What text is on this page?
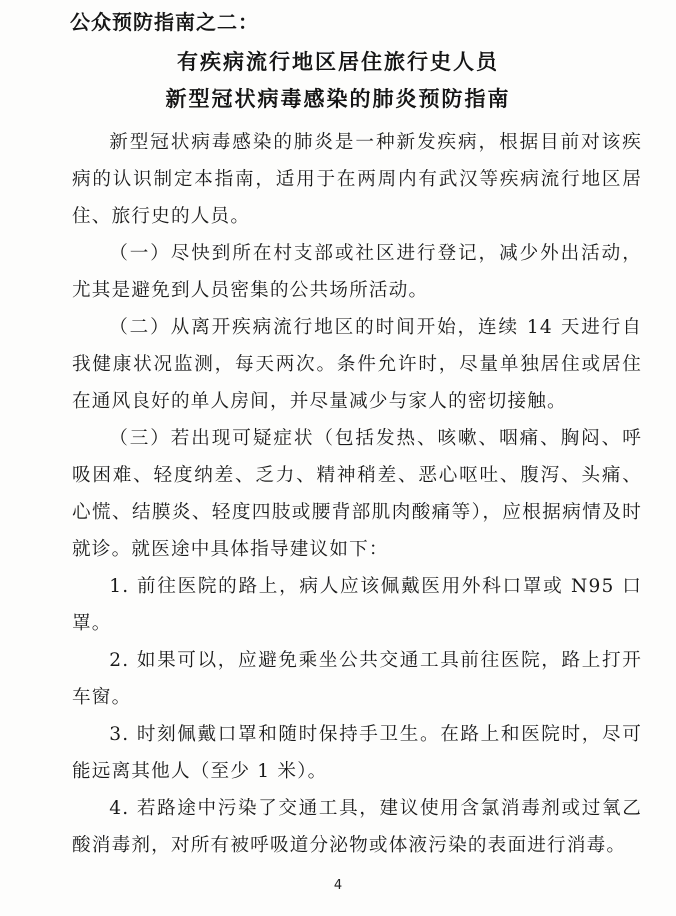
公众预防指南之二：
有疾病流行地区居住旅行史人员
新型冠状病毒感染的肺炎预防指南

新型冠状病毒感染的肺炎是一种新发疾病，根据目前对该疾病的认识制定本指南，适用于在两周内有武汉等疾病流行地区居住、旅行史的人员。

（一）尽快到所在村支部或社区进行登记，减少外出活动，尤其是避免到人员密集的公共场所活动。

（二）从离开疾病流行地区的时间开始，连续 14 天进行自我健康状况监测，每天两次。条件允许时，尽量单独居住或居住在通风良好的单人房间，并尽量减少与家人的密切接触。

（三）若出现可疑症状（包括发热、咳嗽、咽痛、胸闷、呼吸困难、轻度纳差、乏力、精神稍差、恶心呕吐、腹泻、头痛、心慌、结膜炎、轻度四肢或腰背部肌肉酸痛等），应根据病情及时就诊。就医途中具体指导建议如下：

1. 前往医院的路上，病人应该佩戴医用外科口罩或 N95 口罩。

2. 如果可以，应避免乘坐公共交通工具前往医院，路上打开车窗。

3. 时刻佩戴口罩和随时保持手卫生。在路上和医院时，尽可能远离其他人（至少 1 米）。

4. 若路途中污染了交通工具，建议使用含氯消毒剂或过氧乙酸消毒剂，对所有被呼吸道分泌物或体液污染的表面进行消毒。

4
